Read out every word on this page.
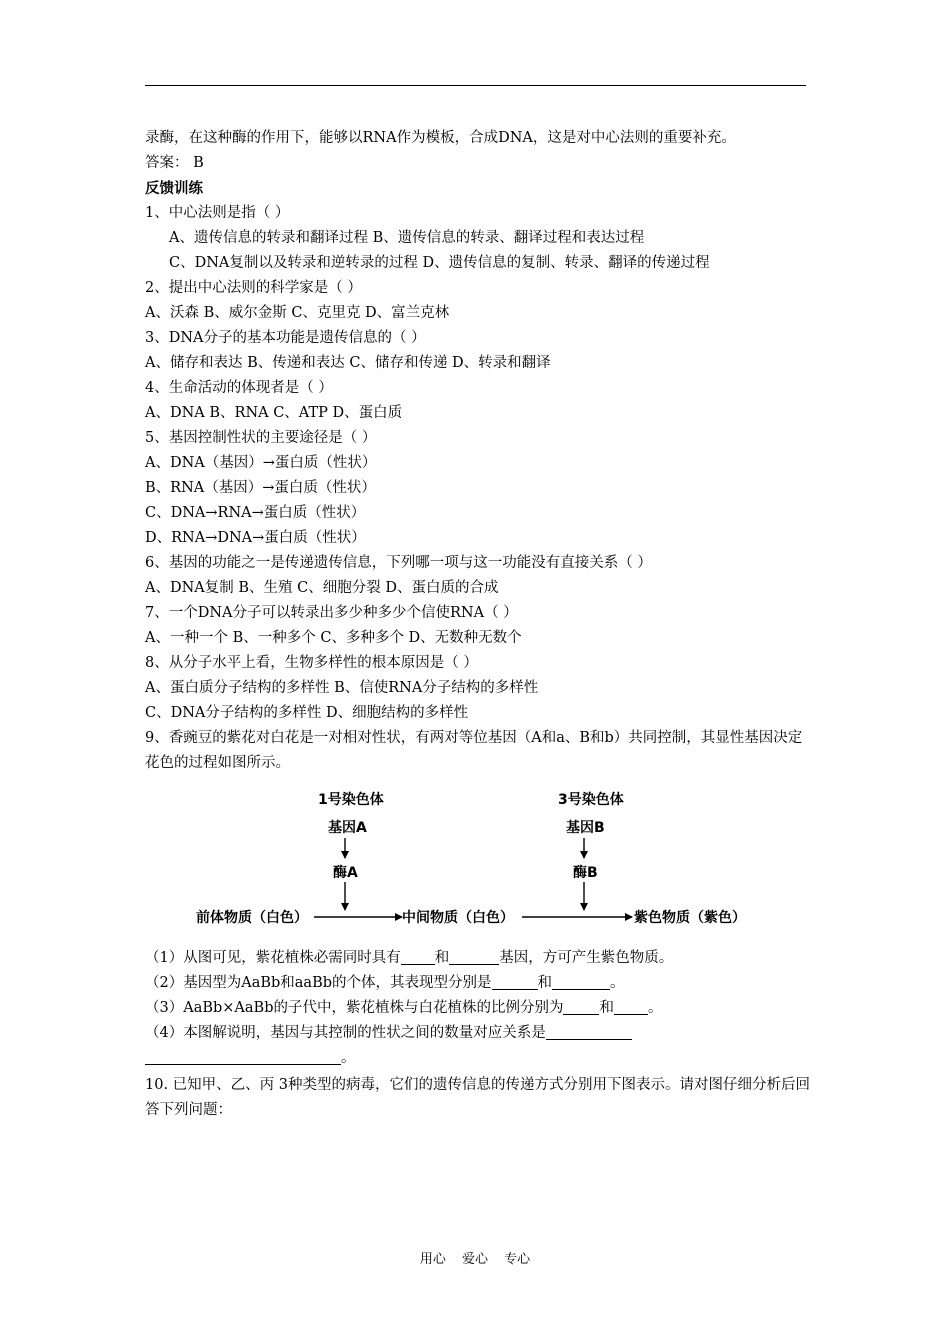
录酶，在这种酶的作用下，能够以RNA作为模板，合成DNA，这是对中心法则的重要补充。
答案： B
反馈训练
1、中心法则是指（ ）
A、遗传信息的转录和翻译过程 B、遗传信息的转录、翻译过程和表达过程
C、DNA复制以及转录和逆转录的过程 D、遗传信息的复制、转录、翻译的传递过程
2、提出中心法则的科学家是（ ）
A、沃森 B、威尔金斯 C、克里克 D、富兰克林
3、DNA分子的基本功能是遗传信息的（ ）
A、储存和表达 B、传递和表达 C、储存和传递 D、转录和翻译
4、生命活动的体现者是（ ）
A、DNA B、RNA C、ATP D、蛋白质
5、基因控制性状的主要途径是（ ）
A、DNA（基因）→蛋白质（性状）
B、RNA（基因）→蛋白质（性状）
C、DNA→RNA→蛋白质（性状）
D、RNA→DNA→蛋白质（性状）
6、基因的功能之一是传递遗传信息，下列哪一项与这一功能没有直接关系（ ）
A、DNA复制 B、生殖 C、细胞分裂 D、蛋白质的合成
7、一个DNA分子可以转录出多少种多少个信使RNA（ ）
A、一种一个 B、一种多个 C、多种多个 D、无数种无数个
8、从分子水平上看，生物多样性的根本原因是（ ）
A、蛋白质分子结构的多样性 B、信使RNA分子结构的多样性
C、DNA分子结构的多样性 D、细胞结构的多样性
9、香豌豆的紫花对白花是一对相对性状，有两对等位基因（A和a、B和b）共同控制，其显性基因决定花色的过程如图所示。
1号染色体
基因A
酶A
3号染色体
基因B
酶B
前体物质（白色）	中间物质（白色）	紫色物质（紫色）
（1）从图可见，紫花植株必需同时具有 和	基因，方可产生紫色物质。
（2）基因型为AaBb和aaBb的个体，其表现型分别是	和	。
（3）AaBb×AaBb的子代中，紫花植株与白花植株的比例分别为 和 。
（4）本图解说明，基因与其控制的性状之间的数量对应关系是
。
10. 已知甲、乙、丙 3种类型的病毒，它们的遗传信息的传递方式分别用下图表示。请对图仔细分析后回答下列问题：
用心 爱心 专心
